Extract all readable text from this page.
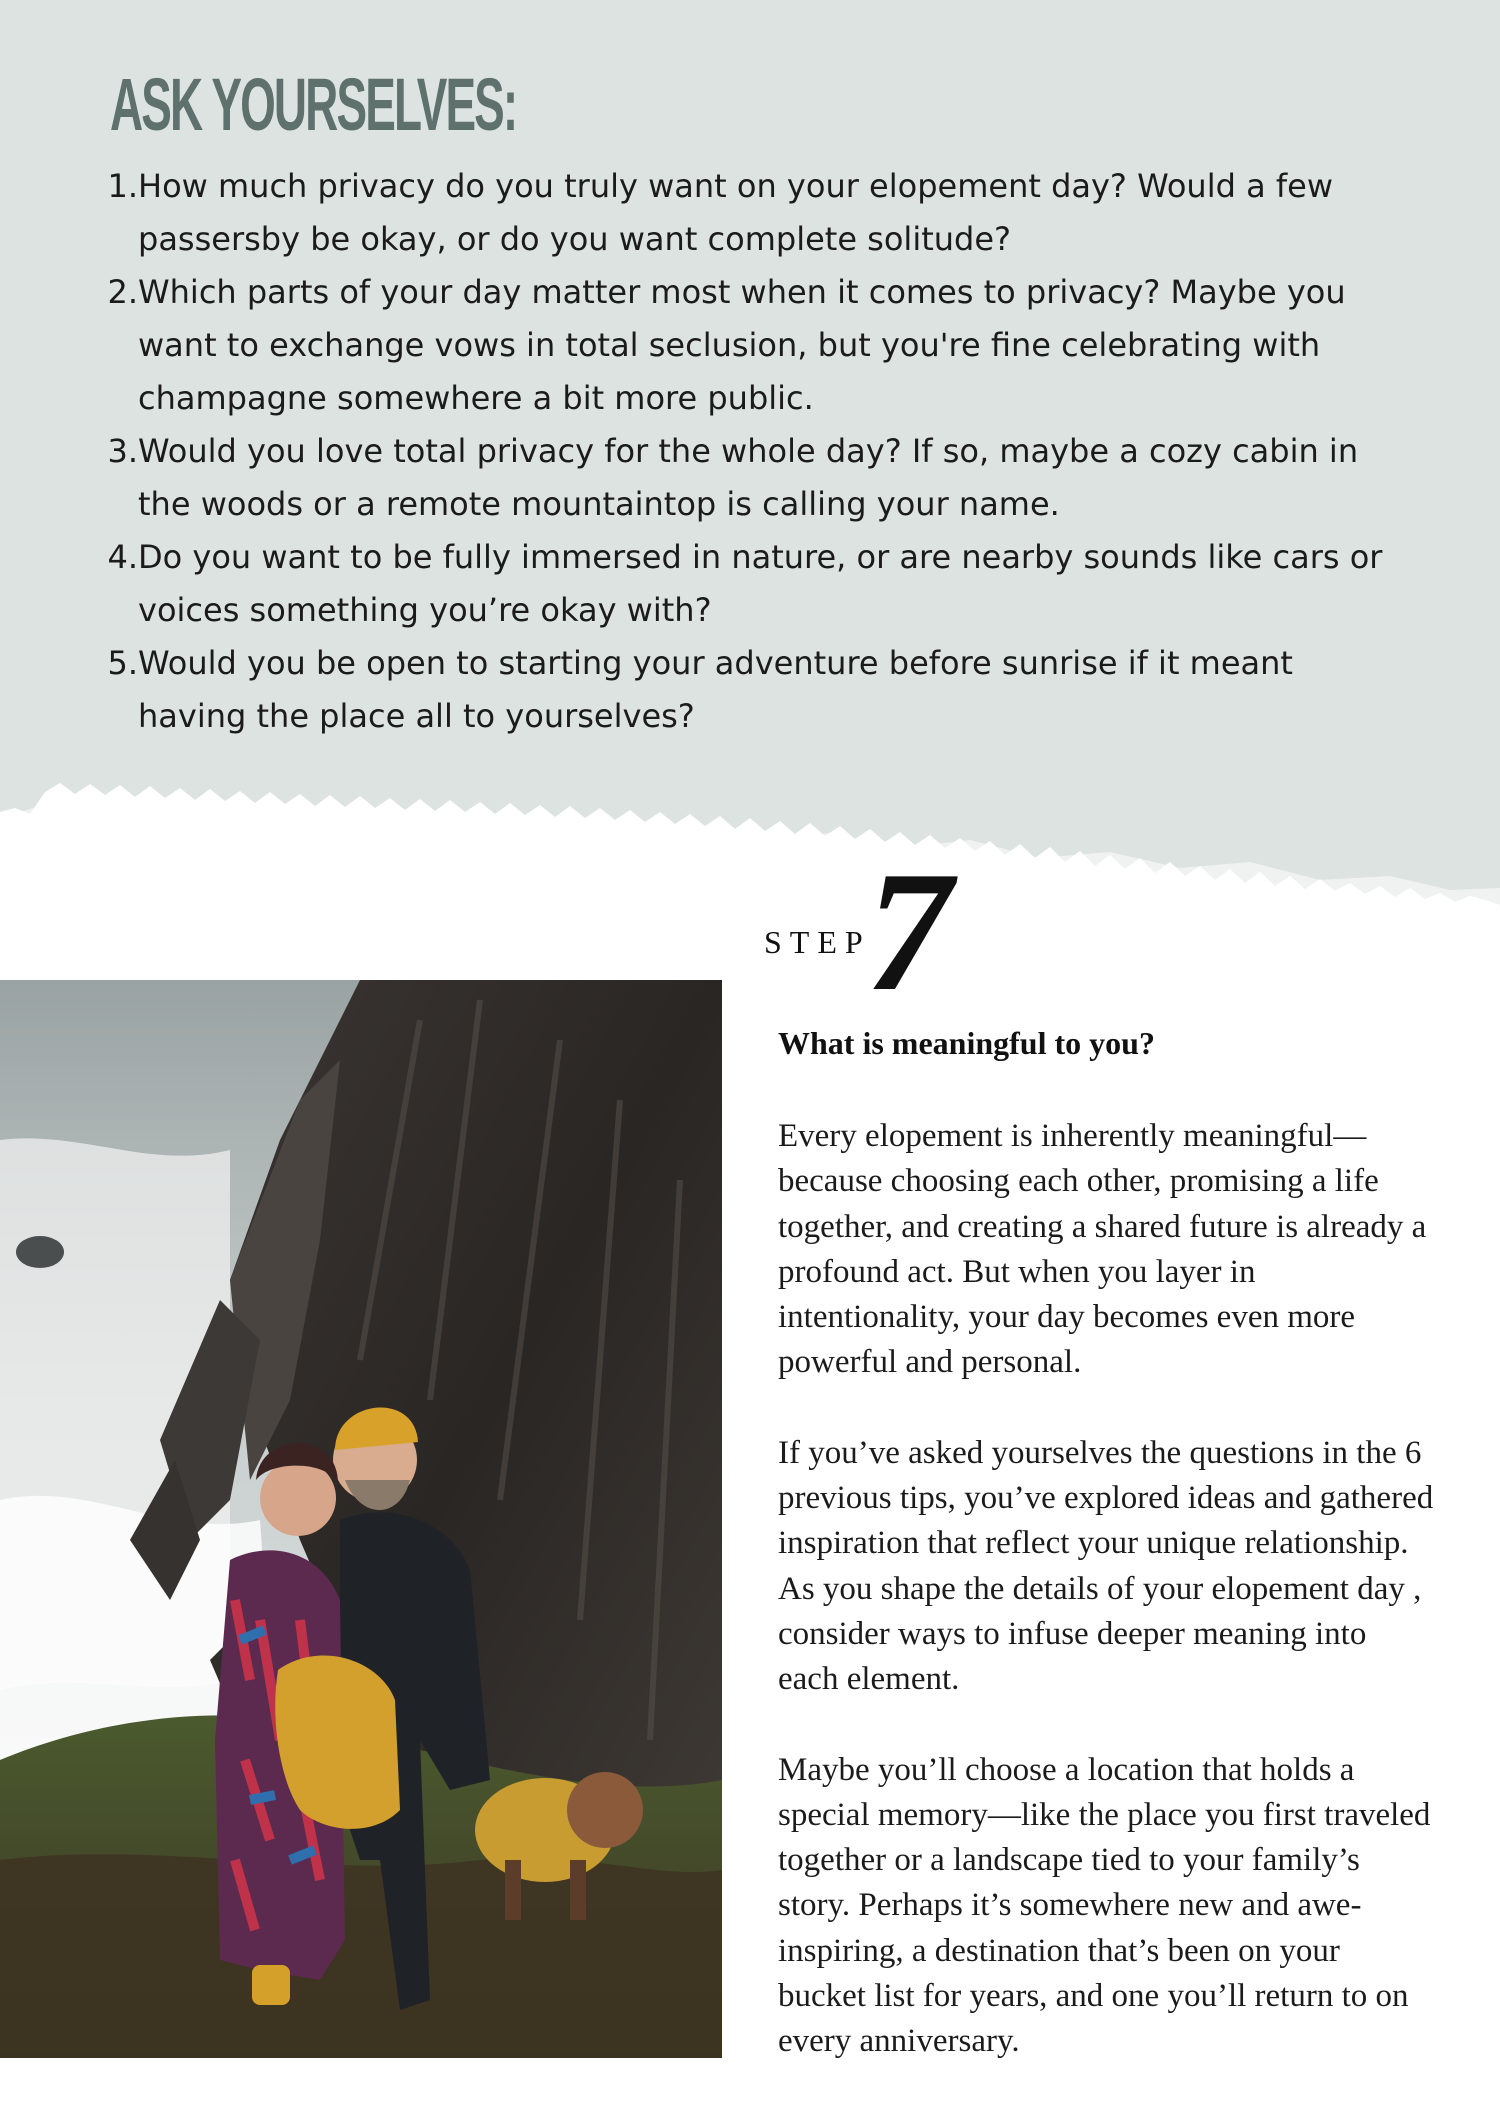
ASK YOURSELVES:
1. How much privacy do you truly want on your elopement day? Would a few
passersby be okay, or do you want complete solitude?
2. Which parts of your day matter most when it comes to privacy? Maybe you
want to exchange vows in total seclusion, but you're fine celebrating with
champagne somewhere a bit more public.
3. Would you love total privacy for the whole day? If so, maybe a cozy cabin in
the woods or a remote mountaintop is calling your name.
4. Do you want to be fully immersed in nature, or are nearby sounds like cars or
voices something you’re okay with?
5. Would you be open to starting your adventure before sunrise if it meant
having the place all to yourselves?
STEP
7
What is meaningful to you?

Every elopement is inherently meaningful—
because choosing each other, promising a life
together, and creating a shared future is already a
profound act. But when you layer in
intentionality, your day becomes even more
powerful and personal.

If you’ve asked yourselves the questions in the 6
previous tips, you’ve explored ideas and gathered
inspiration that reflect your unique relationship.
As you shape the details of your elopement day ,
consider ways to infuse deeper meaning into
each element.

Maybe you’ll choose a location that holds a
special memory—like the place you first traveled
together or a landscape tied to your family’s
story. Perhaps it’s somewhere new and awe-
inspiring, a destination that’s been on your
bucket list for years, and one you’ll return to on
every anniversary.
